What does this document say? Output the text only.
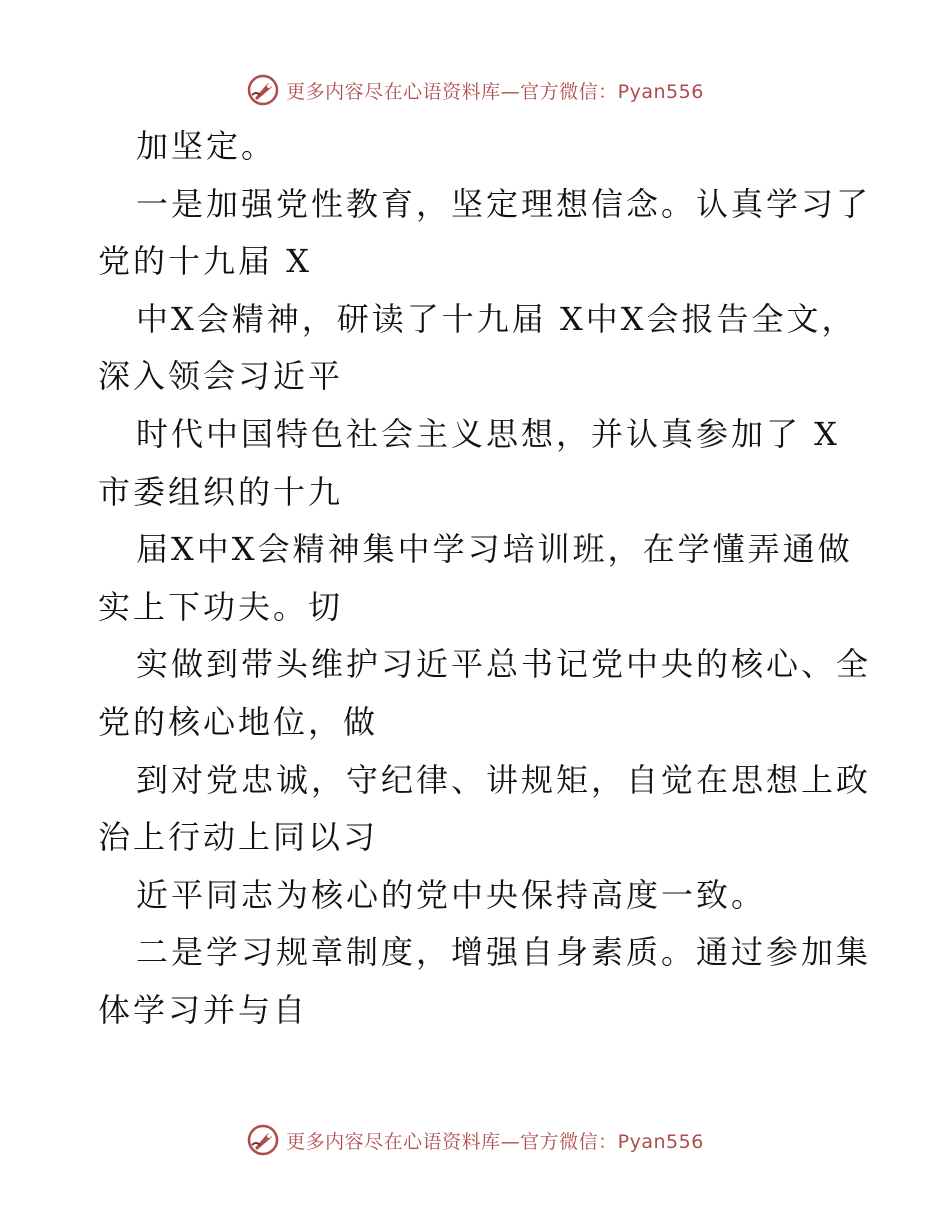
更多内容尽在心语资料库—官方微信：Pyan556
加坚定。
一是加强党性教育，坚定理想信念。认真学习了
党的十九届 X
中X会精神，研读了十九届 X中X会报告全文，
深入领会习近平
时代中国特色社会主义思想，并认真参加了 X
市委组织的十九
届X中X会精神集中学习培训班，在学懂弄通做
实上下功夫。切
实做到带头维护习近平总书记党中央的核心、全
党的核心地位，做
到对党忠诚，守纪律、讲规矩，自觉在思想上政
治上行动上同以习
近平同志为核心的党中央保持高度一致。
二是学习规章制度，增强自身素质。通过参加集
体学习并与自
更多内容尽在心语资料库—官方微信：Pyan556
